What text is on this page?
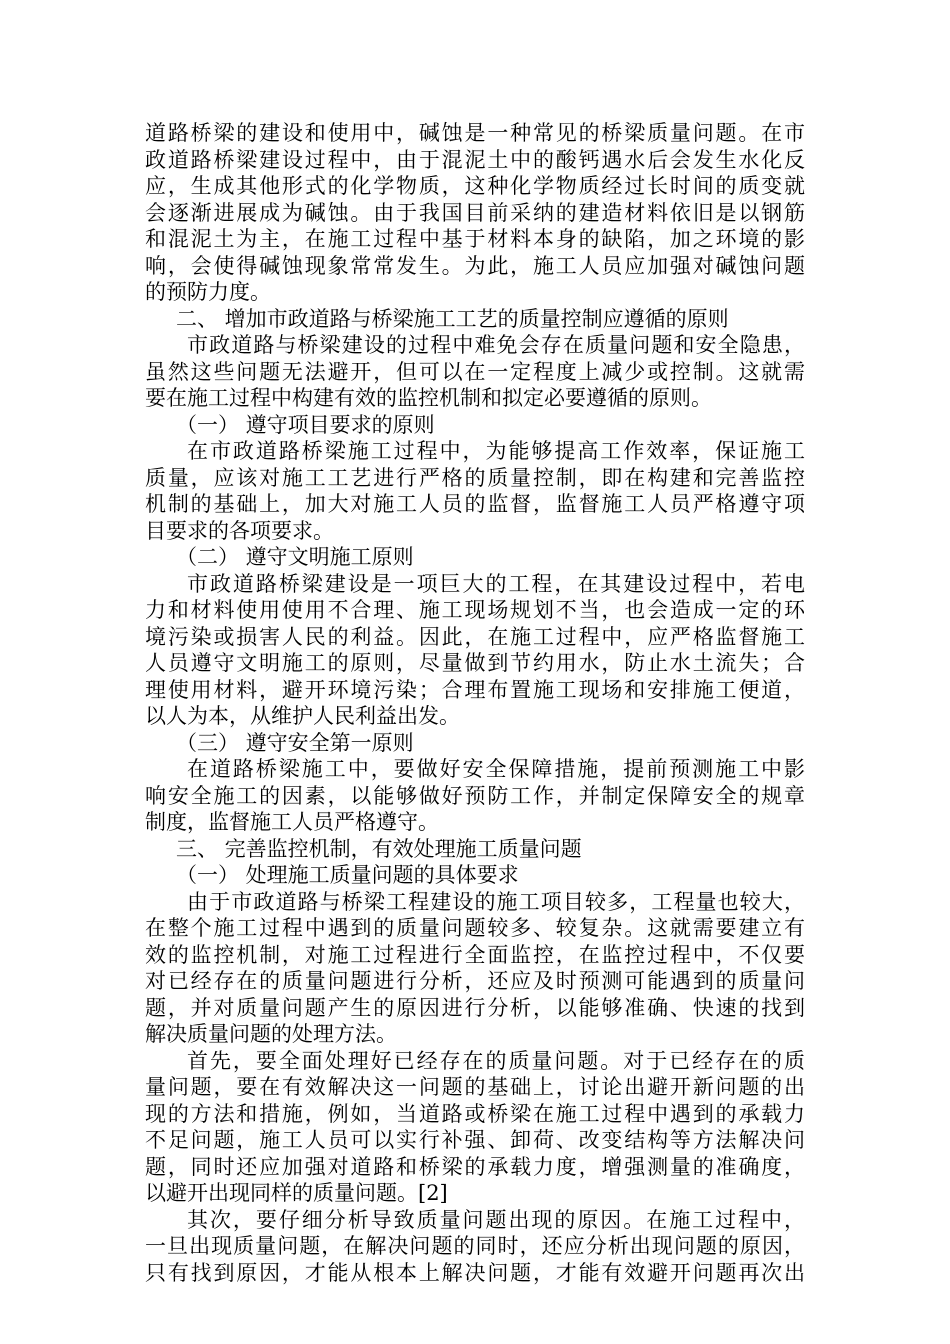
道路桥梁的建设和使用中，碱蚀是一种常见的桥梁质量问题。在市
政道路桥梁建设过程中，由于混泥土中的酸钙遇水后会发生水化反
应，生成其他形式的化学物质，这种化学物质经过长时间的质变就
会逐渐进展成为碱蚀。由于我国目前采纳的建造材料依旧是以钢筋
和混泥土为主，在施工过程中基于材料本身的缺陷，加之环境的影
响，会使得碱蚀现象常常发生。为此，施工人员应加强对碱蚀问题
的预防力度。
二、 增加市政道路与桥梁施工工艺的质量控制应遵循的原则
市政道路与桥梁建设的过程中难免会存在质量问题和安全隐患，
虽然这些问题无法避开，但可以在一定程度上减少或控制。这就需
要在施工过程中构建有效的监控机制和拟定必要遵循的原则。
（一） 遵守项目要求的原则
在市政道路桥梁施工过程中，为能够提高工作效率，保证施工
质量，应该对施工工艺进行严格的质量控制，即在构建和完善监控
机制的基础上，加大对施工人员的监督，监督施工人员严格遵守项
目要求的各项要求。
（二） 遵守文明施工原则
市政道路桥梁建设是一项巨大的工程，在其建设过程中，若电
力和材料使用使用不合理、施工现场规划不当，也会造成一定的环
境污染或损害人民的利益。因此，在施工过程中，应严格监督施工
人员遵守文明施工的原则，尽量做到节约用水，防止水土流失；合
理使用材料，避开环境污染；合理布置施工现场和安排施工便道，
以人为本，从维护人民利益出发。
（三） 遵守安全第一原则
在道路桥梁施工中，要做好安全保障措施，提前预测施工中影
响安全施工的因素，以能够做好预防工作，并制定保障安全的规章
制度，监督施工人员严格遵守。
三、 完善监控机制，有效处理施工质量问题
（一） 处理施工质量问题的具体要求
由于市政道路与桥梁工程建设的施工项目较多，工程量也较大，
在整个施工过程中遇到的质量问题较多、较复杂。这就需要建立有
效的监控机制，对施工过程进行全面监控，在监控过程中，不仅要
对已经存在的质量问题进行分析，还应及时预测可能遇到的质量问
题，并对质量问题产生的原因进行分析，以能够准确、快速的找到
解决质量问题的处理方法。
首先，要全面处理好已经存在的质量问题。对于已经存在的质
量问题，要在有效解决这一问题的基础上，讨论出避开新问题的出
现的方法和措施，例如，当道路或桥梁在施工过程中遇到的承载力
不足问题，施工人员可以实行补强、卸荷、改变结构等方法解决问
题，同时还应加强对道路和桥梁的承载力度，增强测量的准确度，
以避开出现同样的质量问题。[2]
其次，要仔细分析导致质量问题出现的原因。在施工过程中，
一旦出现质量问题，在解决问题的同时，还应分析出现问题的原因，
只有找到原因，才能从根本上解决问题，才能有效避开问题再次出
